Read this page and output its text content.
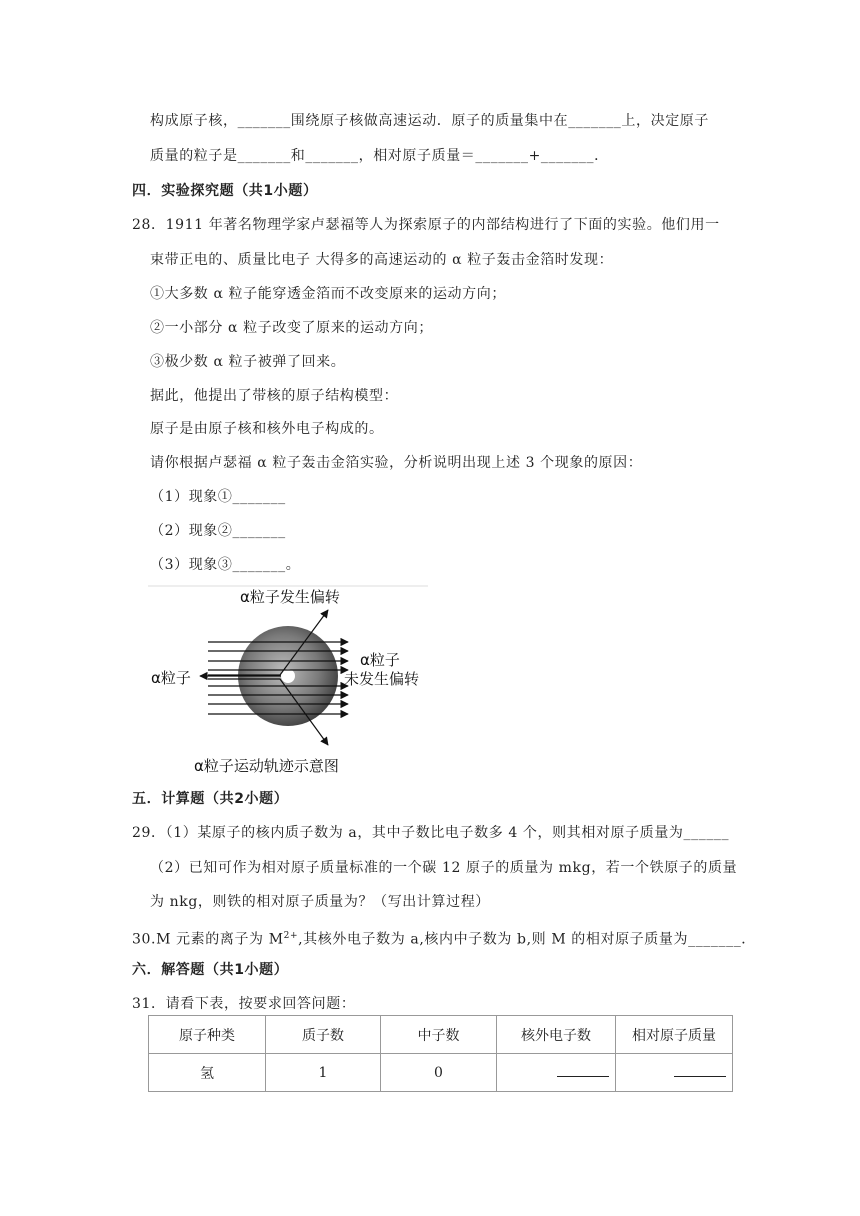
构成原子核，_______围绕原子核做高速运动．原子的质量集中在_______上，决定原子
质量的粒子是_______和_______，相对原子质量＝_______+_______．
四．实验探究题（共1小题）
28．1911 年著名物理学家卢瑟福等人为探索原子的内部结构进行了下面的实验。他们用一
束带正电的、质量比电子 大得多的高速运动的 α 粒子轰击金箔时发现：
①大多数 α 粒子能穿透金箔而不改变原来的运动方向；
②一小部分 α 粒子改变了原来的运动方向；
③极少数 α 粒子被弹了回来。
据此，他提出了带核的原子结构模型：
原子是由原子核和核外电子构成的。
请你根据卢瑟福 α 粒子轰击金箔实验，分析说明出现上述 3 个现象的原因：
（1）现象①_______
（2）现象②_______
（3）现象③_______。
α粒子发生偏转
α粒子
α粒子
未发生偏转
α粒子运动轨迹示意图
五．计算题（共2小题）
29．（1）某原子的核内质子数为 a，其中子数比电子数多 4 个，则其相对原子质量为______
（2）已知可作为相对原子质量标准的一个碳 12 原子的质量为 mkg，若一个铁原子的质量
为 nkg，则铁的相对原子质量为？（写出计算过程）
30.M 元素的离子为 $M^{2+}$,其核外电子数为 a,核内中子数为 b,则 M 的相对原子质量为_______．
六．解答题（共1小题）
31．请看下表，按要求回答问题：
原子种类	质子数	中子数	核外电子数	相对原子质量
氢	1	0		
